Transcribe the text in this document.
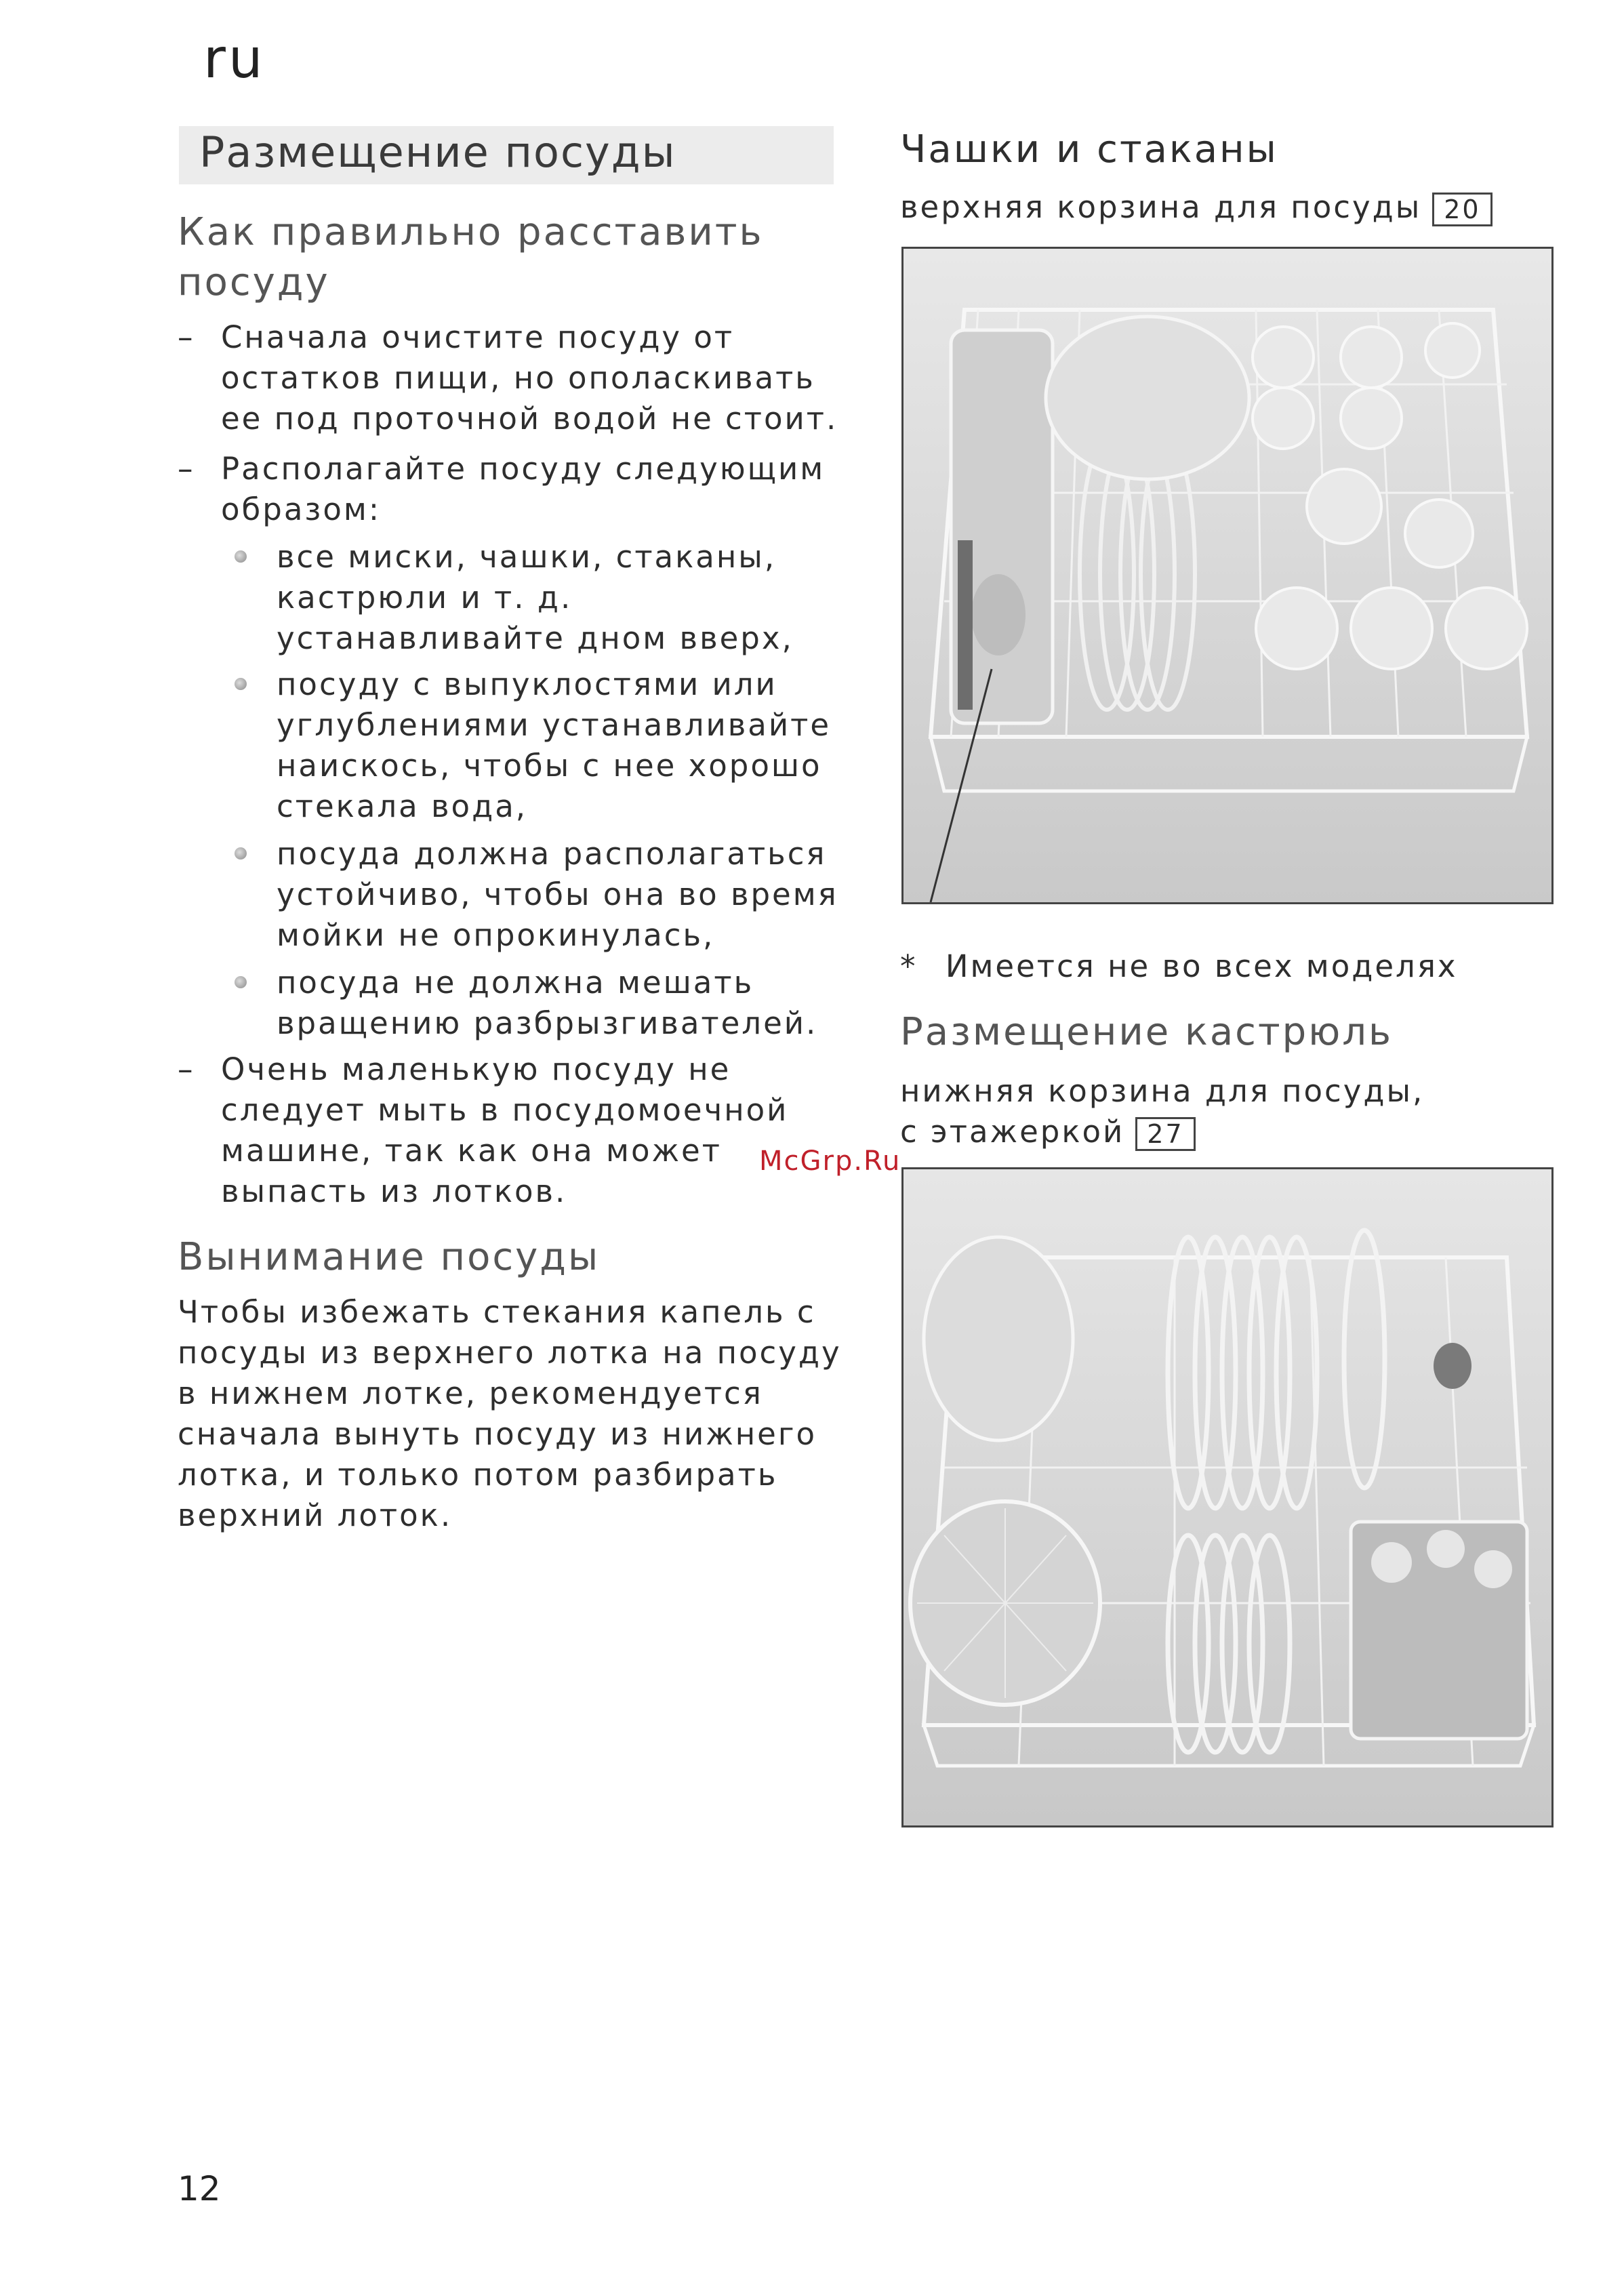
ru
Размещение посуды
Как правильно расставить
посуду
– Сначала очистите посуду от
остатков пищи, но ополаскивать
ее под проточной водой не стоит.
– Располагайте посуду следующим
образом:
все миски, чашки, стаканы,
кастрюли и т. д.
устанавливайте дном вверх,
посуду с выпуклостями или
углублениями устанавливайте
наискось, чтобы с нее хорошо
стекала вода,
посуда должна располагаться
устойчиво, чтобы она во время
мойки не опрокинулась,
посуда не должна мешать
вращению разбрызгивателей.
– Очень маленькую посуду не
следует мыть в посудомоечной
машине, так как она может
выпасть из лотков.
Вынимание посуды
Чтобы избежать стекания капель с
посуды из верхнего лотка на посуду
в нижнем лотке, рекомендуется
сначала вынуть посуду из нижнего
лотка, и только потом разбирать
верхний лоток.
Чашки и стаканы
верхняя корзина для посуды 20
* Имеется не во всех моделях
Размещение кастрюль
нижняя корзина для посуды,
с этажеркой 27
McGrp.Ru
12
